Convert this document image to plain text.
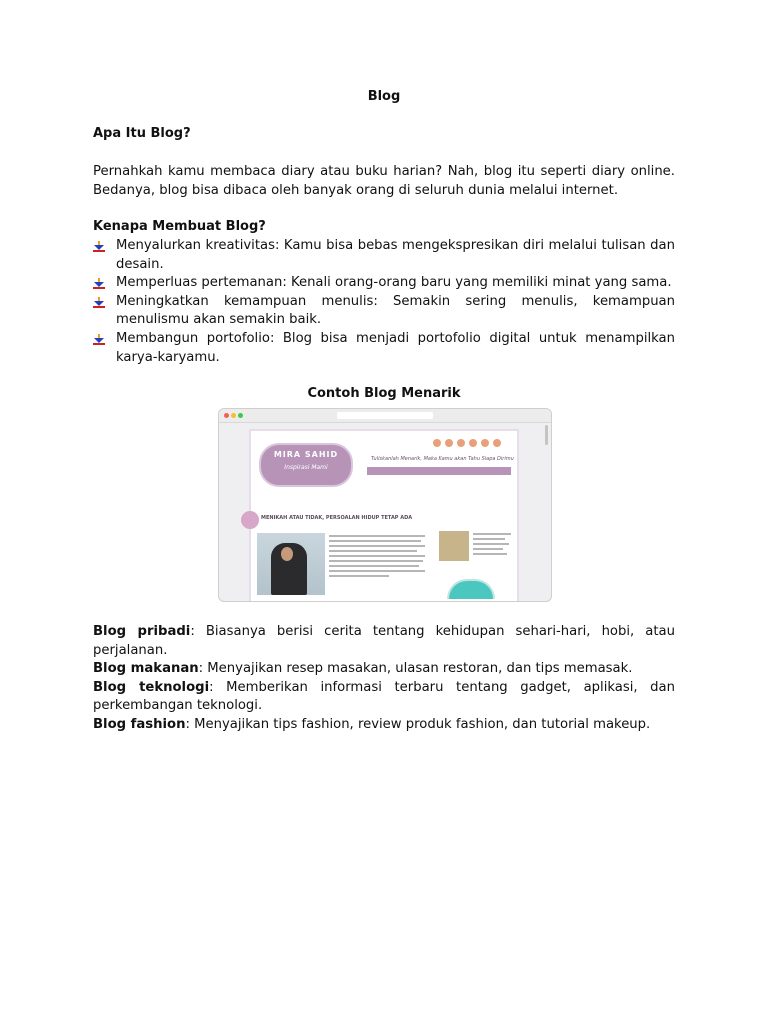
Blog
Apa Itu Blog?
Pernahkah kamu membaca diary atau buku harian? Nah, blog itu seperti diary online. Bedanya, blog bisa dibaca oleh banyak orang di seluruh dunia melalui internet.
Kenapa Membuat Blog?
Menyalurkan kreativitas: Kamu bisa bebas mengekspresikan diri melalui tulisan dan desain.
Memperluas pertemanan: Kenali orang-orang baru yang memiliki minat yang sama.
Meningkatkan kemampuan menulis: Semakin sering menulis, kemampuan menulismu akan semakin baik.
Membangun portofolio: Blog bisa menjadi portofolio digital untuk menampilkan karya-karyamu.
Contoh Blog Menarik

Blog pribadi: Biasanya berisi cerita tentang kehidupan sehari-hari, hobi, atau perjalanan.

Blog makanan: Menyajikan resep masakan, ulasan restoran, dan tips memasak.

Blog teknologi: Memberikan informasi terbaru tentang gadget, aplikasi, dan perkembangan teknologi.

Blog fashion: Menyajikan tips fashion, review produk fashion, dan tutorial makeup.

MIRA SAHID
Inspirasi Mami
Tuliskanlah Menarik, Maka Kamu akan Tahu Siapa Dirimu
HOME	BERBAGAI MAMA	LIFESTYLE	BEAUTYVLOG DISCLOSURE
MENIKAH ATAU TIDAK, PERSOALAN HIDUP TETAP ADA
